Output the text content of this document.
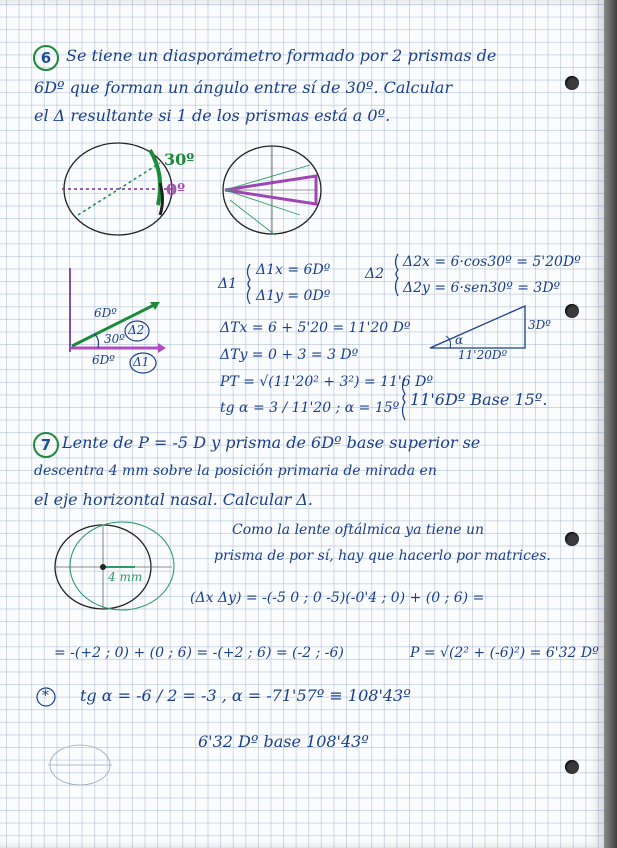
6 Se tiene un diasporámetro formado por 2 prismas de
6Dº que forman un ángulo entre sí de 30º. Calcular
el Δ resultante si 1 de los prismas está a 0º.
30º
0º
6Dº
30º
6Dº
Δ2
Δ1
Δ1
Δ1x = 6Dº
Δ1y = 0Dº
Δ2
Δ2x = 6·cos30º = 5'20Dº
Δ2y = 6·sen30º = 3Dº
3Dº
α
11'20Dº
ΔTx = 6 + 5'20 = 11'20 Dº
ΔTy = 0 + 3 = 3 Dº
PT = √(11'20² + 3²) = 11'6 Dº
tg α = 3 / 11'20 ; α = 15º 11'6Dº Base 15º.
7 Lente de P = -5 D y prisma de 6Dº base superior se
descentra 4 mm sobre la posición primaria de mirada en
el eje horizontal nasal. Calcular Δ.
Como la lente oftálmica ya tiene un
prisma de por sí, hay que hacerlo por matrices.
4 mm
(Δx Δy) = -(-5 0 ; 0 -5)(-0'4 ; 0) + (0 ; 6) =
= -(+2 ; 0) + (0 ; 6) = -(+2 ; 6) = (-2 ; -6)	P = √(2² + (-6)²) = 6'32 Dº
* tg α = -6 / 2 = -3 , α = -71'57º ≡ 108'43º
6'32 Dº base 108'43º
